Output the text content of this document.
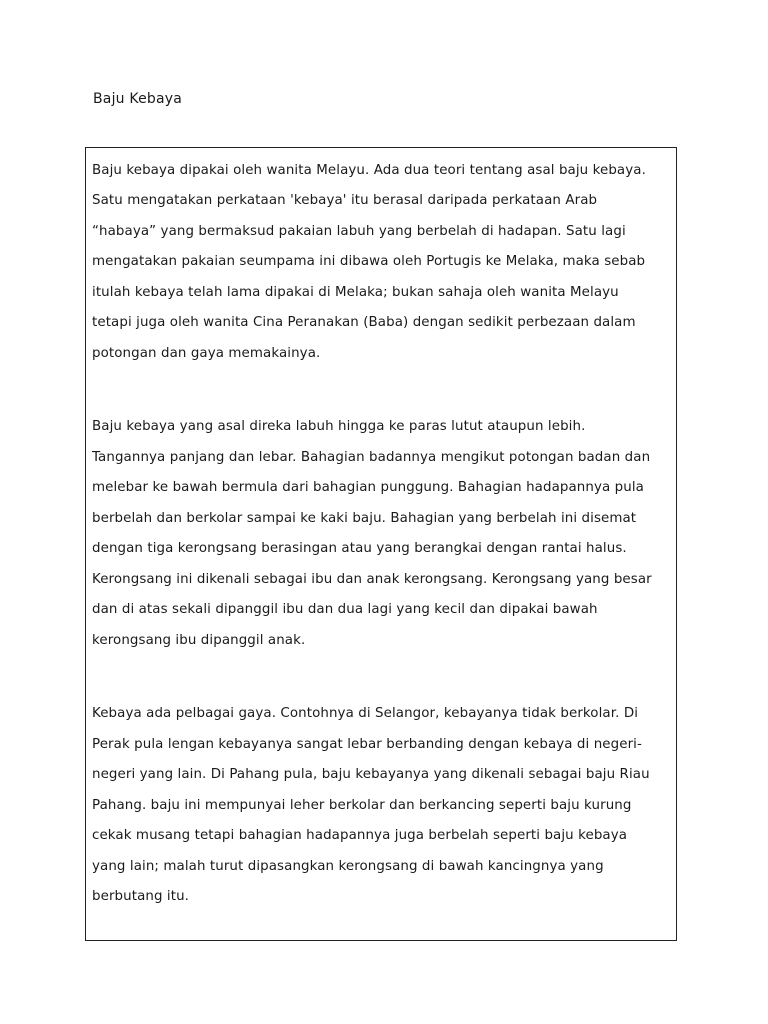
Baju Kebaya
Baju kebaya dipakai oleh wanita Melayu. Ada dua teori tentang asal baju kebaya.
Satu mengatakan perkataan 'kebaya' itu berasal daripada perkataan Arab
“habaya” yang bermaksud pakaian labuh yang berbelah di hadapan. Satu lagi
mengatakan pakaian seumpama ini dibawa oleh Portugis ke Melaka, maka sebab
itulah kebaya telah lama dipakai di Melaka; bukan sahaja oleh wanita Melayu
tetapi juga oleh wanita Cina Peranakan (Baba) dengan sedikit perbezaan dalam
potongan dan gaya memakainya.
Baju kebaya yang asal direka labuh hingga ke paras lutut ataupun lebih.
Tangannya panjang dan lebar. Bahagian badannya mengikut potongan badan dan
melebar ke bawah bermula dari bahagian punggung. Bahagian hadapannya pula
berbelah dan berkolar sampai ke kaki baju. Bahagian yang berbelah ini disemat
dengan tiga kerongsang berasingan atau yang berangkai dengan rantai halus.
Kerongsang ini dikenali sebagai ibu dan anak kerongsang. Kerongsang yang besar
dan di atas sekali dipanggil ibu dan dua lagi yang kecil dan dipakai bawah
kerongsang ibu dipanggil anak.
Kebaya ada pelbagai gaya. Contohnya di Selangor, kebayanya tidak berkolar. Di
Perak pula lengan kebayanya sangat lebar berbanding dengan kebaya di negeri-
negeri yang lain. Di Pahang pula, baju kebayanya yang dikenali sebagai baju Riau
Pahang. baju ini mempunyai leher berkolar dan berkancing seperti baju kurung
cekak musang tetapi bahagian hadapannya juga berbelah seperti baju kebaya
yang lain; malah turut dipasangkan kerongsang di bawah kancingnya yang
berbutang itu.
